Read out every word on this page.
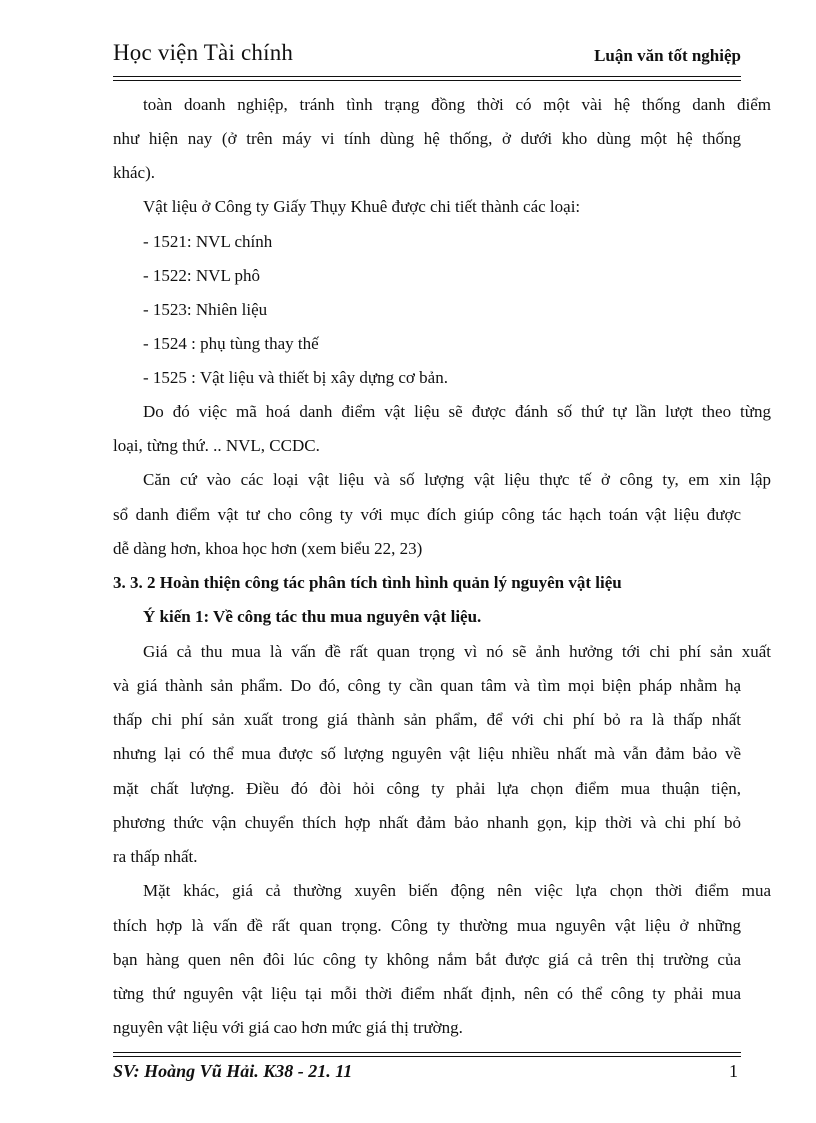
Học viện Tài chính	Luận văn tốt nghiệp
toàn doanh nghiệp, tránh tình trạng đồng thời có một vài hệ thống danh điểm
như hiện nay (ở trên máy vi tính dùng hệ thống, ở dưới kho dùng một hệ thống
khác).
Vật liệu ở Công ty Giấy Thụy Khuê được chi tiết thành các loại:
- 1521: NVL chính
- 1522: NVL phô
- 1523: Nhiên liệu
- 1524 : phụ tùng thay thế
- 1525 : Vật liệu và thiết bị xây dựng cơ bản.
Do đó việc mã hoá danh điểm vật liệu sẽ được đánh số thứ tự lần lượt theo từng
loại, từng thứ. .. NVL, CCDC.
Căn cứ vào các loại vật liệu và số lượng vật liệu thực tế ở công ty, em xin lập
sổ danh điểm vật tư cho công ty với mục đích giúp công tác hạch toán vật liệu được
dễ dàng hơn, khoa học hơn (xem biểu 22, 23)
3. 3. 2 Hoàn thiện công tác phân tích tình hình quản lý nguyên vật liệu
Ý kiến 1: Về công tác thu mua nguyên vật liệu.
Giá cả thu mua là vấn đề rất quan trọng vì nó sẽ ảnh hưởng tới chi phí sản xuất
và giá thành sản phẩm. Do đó, công ty cần quan tâm và tìm mọi biện pháp nhằm hạ
thấp chi phí sản xuất trong giá thành sản phẩm, để với chi phí bỏ ra là thấp nhất
nhưng lại có thể mua được số lượng nguyên vật liệu nhiều nhất mà vẫn đảm bảo về
mặt chất lượng. Điều đó đòi hỏi công ty phải lựa chọn điểm mua thuận tiện,
phương thức vận chuyển thích hợp nhất đảm bảo nhanh gọn, kịp thời và chi phí bỏ
ra thấp nhất.
Mặt khác, giá cả thường xuyên biến động nên việc lựa chọn thời điểm mua
thích hợp là vấn đề rất quan trọng. Công ty thường mua nguyên vật liệu ở những
bạn hàng quen nên đôi lúc công ty không nắm bắt được giá cả trên thị trường của
từng thứ nguyên vật liệu tại mỗi thời điểm nhất định, nên có thể công ty phải mua
nguyên vật liệu với giá cao hơn mức giá thị trường.
SV: Hoàng Vũ Hải. K38 - 21. 11	1
